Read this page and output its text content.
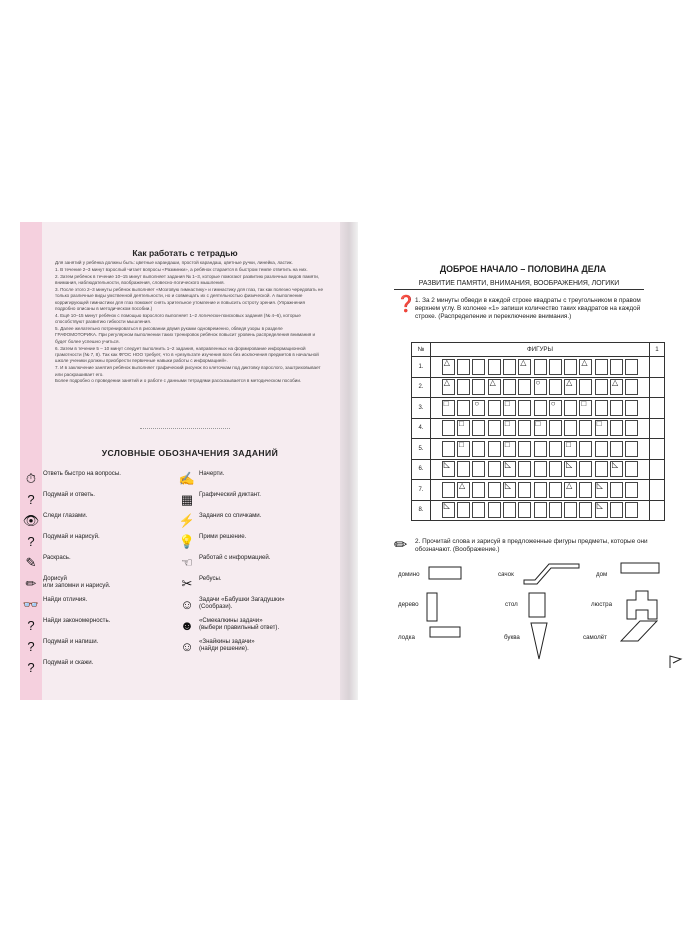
Как работать с тетрадью

Для занятий у ребёнка должны быть: цветные карандаши, простой карандаш, цветные ручки, линейка, ластик.

1. В течение 2–3 минут взрослый читает вопросы «Разминки», а ребёнок старается в быстром темпе ответить на них.

2. Затем ребёнок в течение 10–15 минут выполняет задания № 1–3, которые помогают развитию различных видов памяти, внимания, наблюдательности, воображения, словесно-логического мышления.

3. После этого 2–3 минуты ребёнок выполняет «Мозговую гимнастику» и гимнастику для глаз, так как полезно чередовать не только различные виды умственной деятельности, но и совмещать их с деятельностью физической. А выполнение корригирующей гимнастики для глаз поможет снять зрительное утомление и повысить остроту зрения. (Упражнения подробно описаны в методическом пособии.)

4. Ещё 10–15 минут ребёнок с помощью взрослого выполняет 1–2 логически-поисковых задания (№ 4–6), которые способствуют развитию гибкости мышления.

5. Далее желательно потренироваться в рисовании двумя руками одновременно, обведя узоры в разделе ГРАФОМОТОРИКА. При регулярном выполнении таких тренировок ребёнок повысит уровень распределения внимания и будет более успешно учиться.

6. Затем в течение 5 – 10 минут следует выполнить 1–2 задания, направленных на формирование информационной грамотности (№ 7, 8). Так как ФГОС НОО требует, что в «результате изучения всех без исключения предметов в начальной школе ученики должны приобрести первичные навыки работы с информацией».

7. И в заключение занятия ребёнок выполняет графический рисунок по клеточкам под диктовку взрослого, заштриховывает или раскрашивает его.

Более подробно о проведении занятий и о работе с данными тетрадями рассказывается в методическом пособии.

УСЛОВНЫЕ ОБОЗНАЧЕНИЯ ЗАДАНИЙ
⏱	Ответь быстро на вопросы.
?	Подумай и ответь.
👁 Следи глазами.
?	Подумай и нарисуй.
✎	Раскрась.
✏	Дорисуй
или запомни и нарисуй.
👓 Найди отличия.
?	Найди закономерность.
?	Подумай и напиши.
?	Подумай и скажи.
✍ Начерти.
▦ Графический диктант.
⚡ Задания со спичками.
💡 Прими решение.
☜	Работай с информацией.
✂	Ребусы.
☺ Задачи «Бабушки Загадушки»
(Сообрази).
☻ «Смекалкины задачи»
(выбери правильный ответ).
☺ «Знайкины задачи»
(найди решение).
ДОБРОЕ НАЧАЛО – ПОЛОВИНА ДЕЛА
РАЗВИТИЕ ПАМЯТИ, ВНИМАНИЯ, ВООБРАЖЕНИЯ, ЛОГИКИ
❓ 1. За 2 минуты обведи в каждой строке квадраты с треугольником в правом верхнем углу. В колонке «1» запиши количество таких квадратов на каждой строке. (Распределение и переключение внимания.)
№	ФИГУРЫ	1
1.	△ △ △	

2.	△ △ ○ △ △	

3.	□ ○ □ ○ □	

4.	□ □ □ □	

5.	□ □ □	

6.	◺ ◺ ◺ ◺	

7.	△ ◺ △ ◺	

8.	◺ ◺	

✏ 2. Прочитай слова и зарисуй в предложенные фигуры предметы, которые они обозначают. (Воображение.)
домино	сачок	дом
дерево	стол	люстра
лодка	буква	самолёт
